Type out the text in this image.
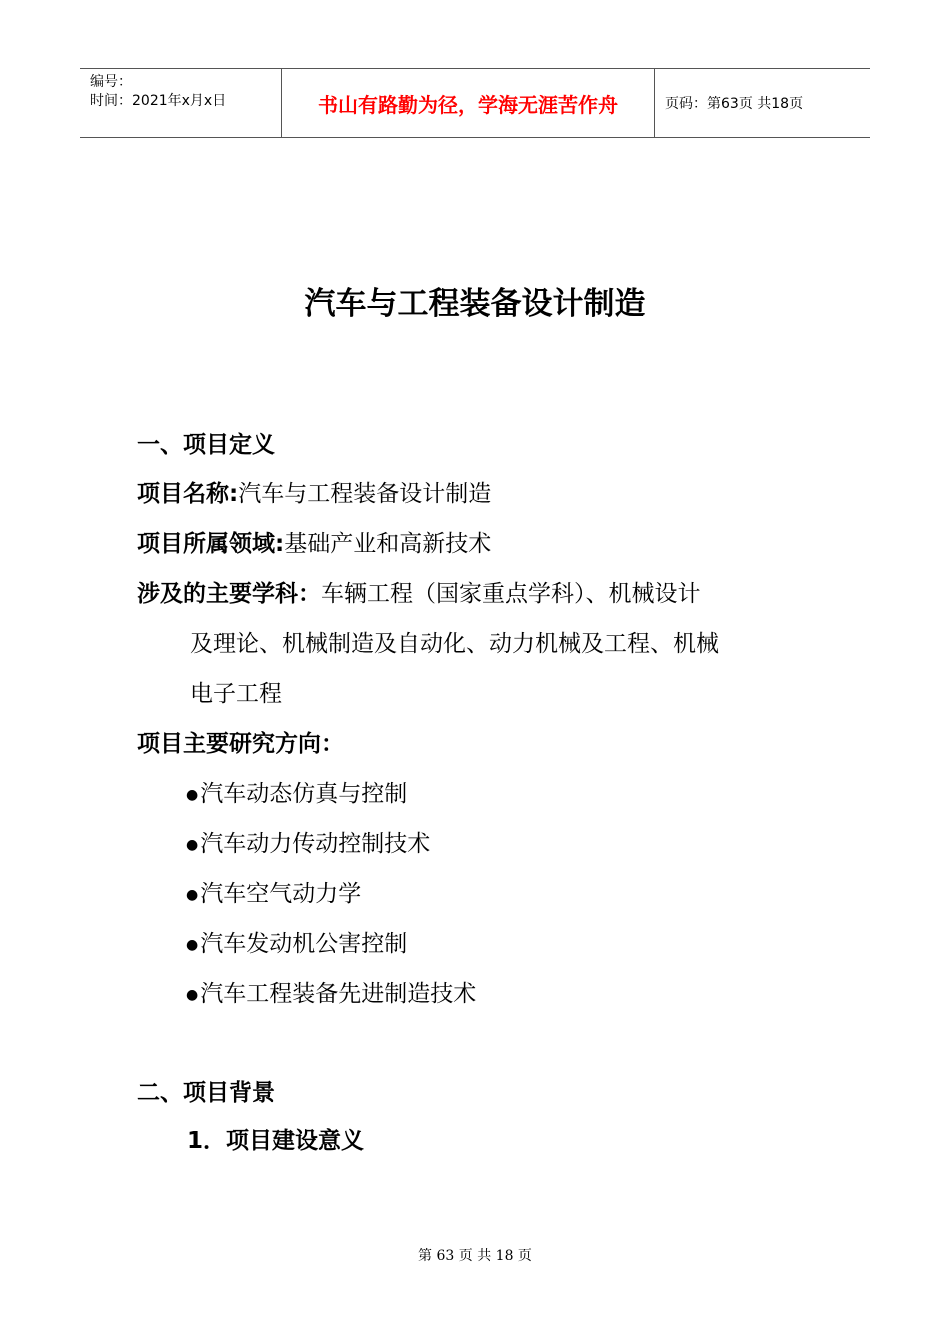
编号：
时间：2021年x月x日	书山有路勤为径，学海无涯苦作舟	页码：第63页 共18页
汽车与工程装备设计制造
一、项目定义
项目名称:汽车与工程装备设计制造
项目所属领域:基础产业和高新技术
涉及的主要学科：车辆工程（国家重点学科）、机械设计
及理论、机械制造及自动化、动力机械及工程、机械
电子工程
项目主要研究方向：
●汽车动态仿真与控制
●汽车动力传动控制技术
●汽车空气动力学
●汽车发动机公害控制
●汽车工程装备先进制造技术
二、项目背景
1．项目建设意义
第 63 页 共 18 页
